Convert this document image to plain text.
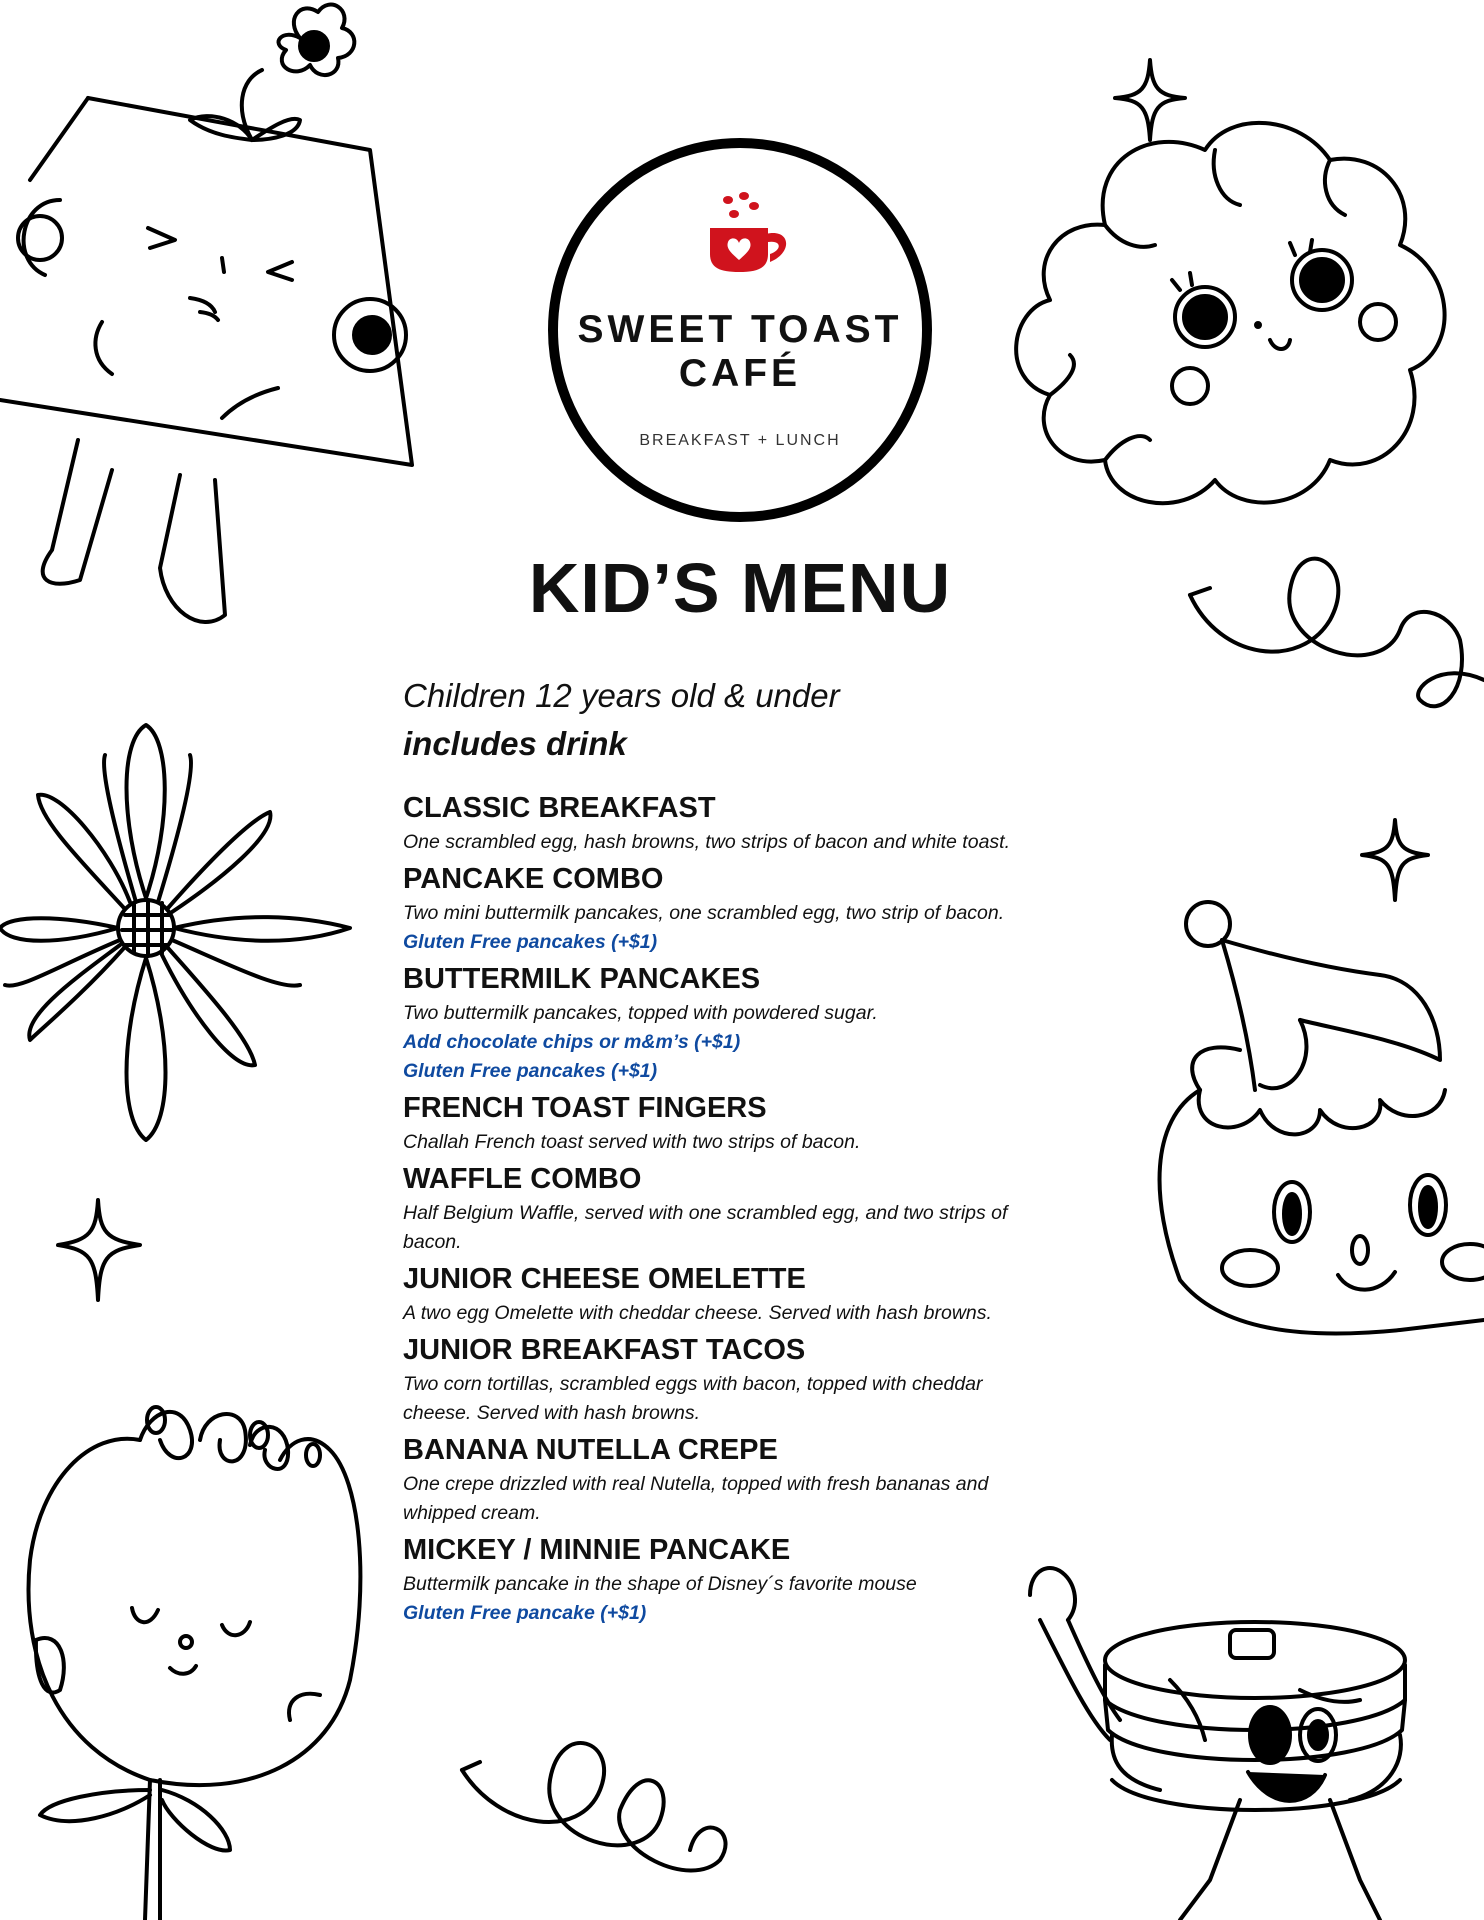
SWEET TOAST
CAFÉ
BREAKFAST + LUNCH
KID’S MENU

Children 12 years old & under

includes drink

CLASSIC BREAKFAST
One scrambled egg, hash browns, two strips of bacon and white toast.
PANCAKE COMBO
Two mini buttermilk pancakes, one scrambled egg, two strip of bacon.
Gluten Free pancakes (+$1)
BUTTERMILK PANCAKES
Two buttermilk pancakes, topped with powdered sugar.
Add chocolate chips or m&m’s (+$1)
Gluten Free pancakes (+$1)
FRENCH TOAST FINGERS
Challah French toast served with two strips of bacon.
WAFFLE COMBO
Half Belgium Waffle, served with one scrambled egg, and two strips of bacon.
JUNIOR CHEESE OMELETTE
A two egg Omelette with cheddar cheese. Served with hash browns.
JUNIOR BREAKFAST TACOS
Two corn tortillas, scrambled eggs with bacon, topped with cheddar cheese. Served with hash browns.
BANANA NUTELLA CREPE
One crepe drizzled with real Nutella, topped with fresh bananas and whipped cream.
MICKEY / MINNIE PANCAKE
Buttermilk pancake in the shape of Disney´s favorite mouse
Gluten Free pancake (+$1)
